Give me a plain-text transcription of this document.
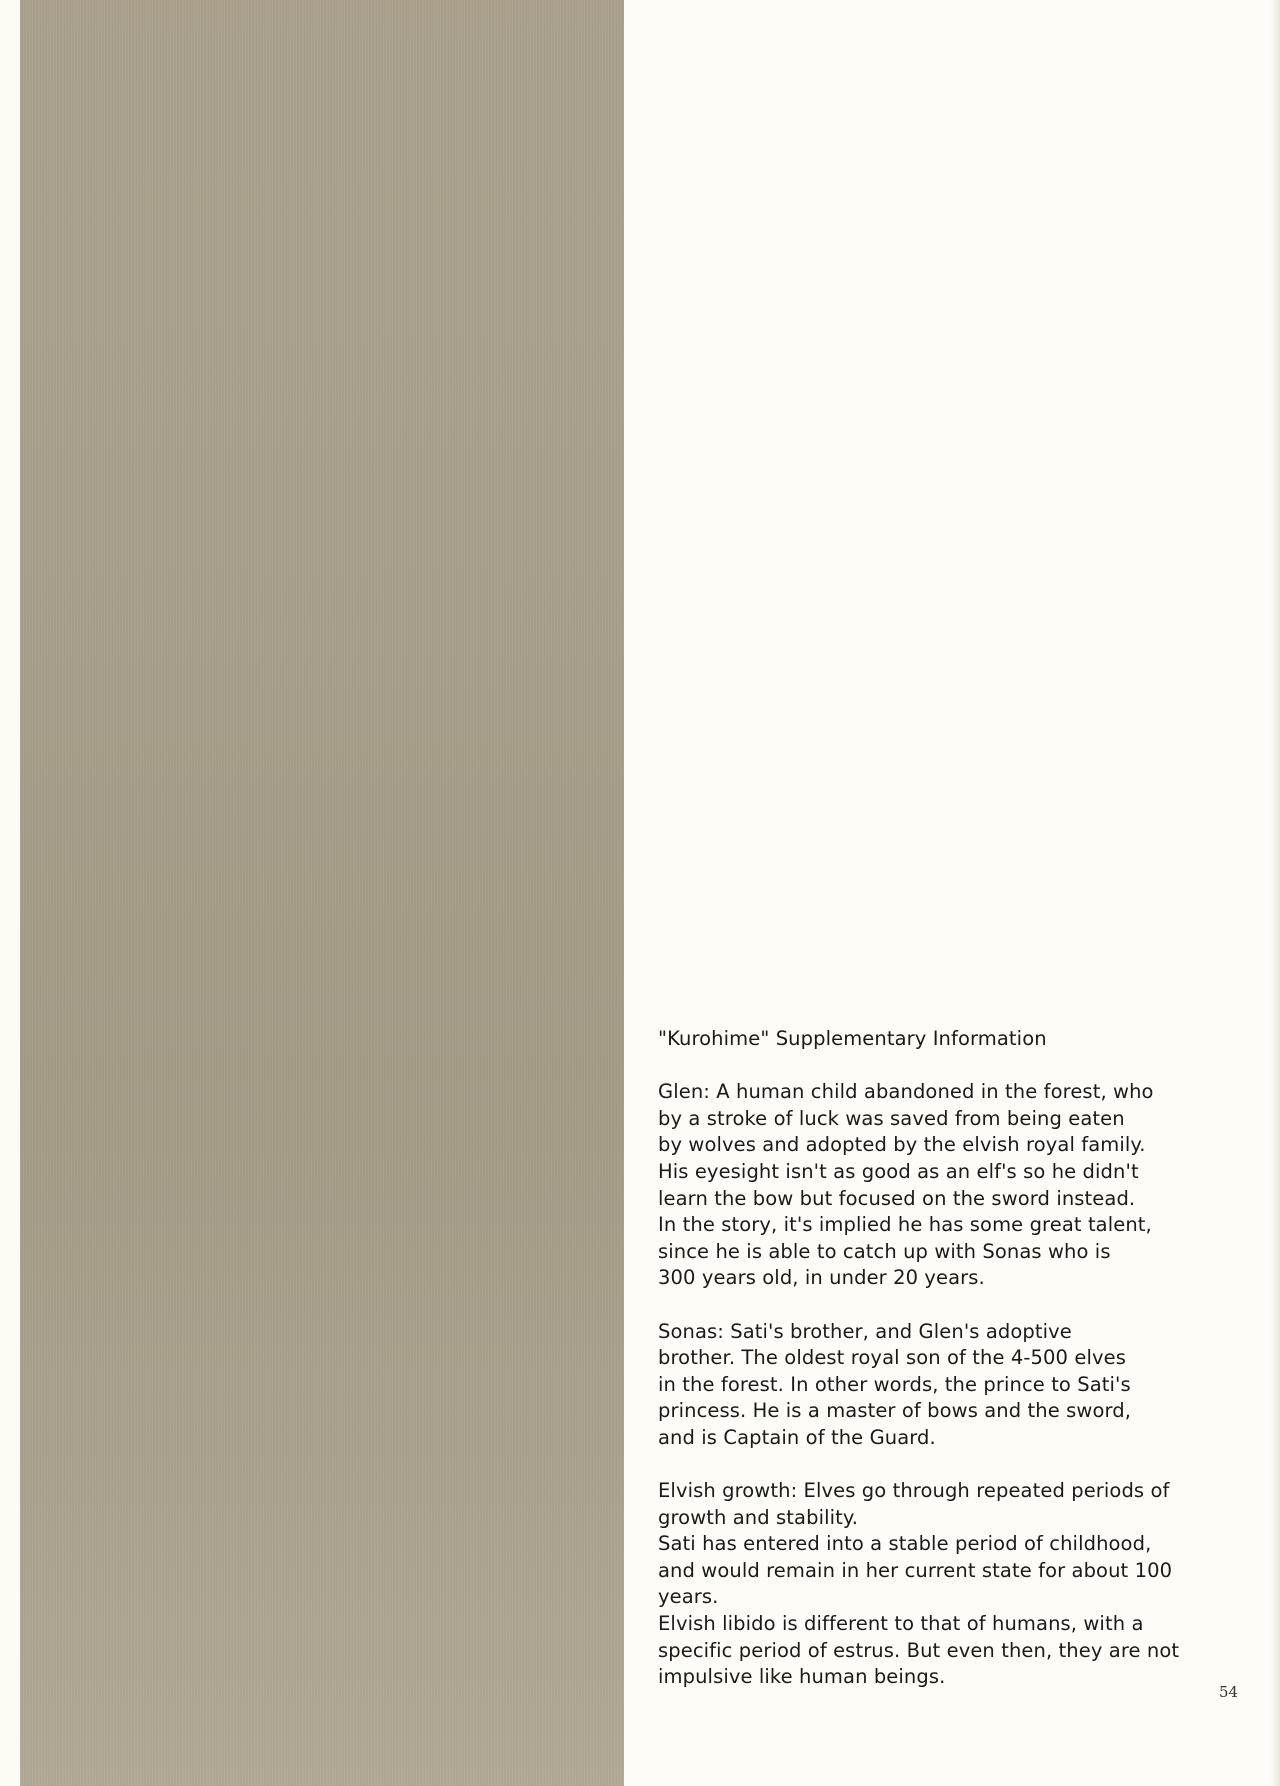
"Kurohime" Supplementary Information
Glen: A human child abandoned in the forest, who
by a stroke of luck was saved from being eaten
by wolves and adopted by the elvish royal family.
His eyesight isn't as good as an elf's so he didn't
learn the bow but focused on the sword instead.
In the story, it's implied he has some great talent,
since he is able to catch up with Sonas who is
300 years old, in under 20 years.
Sonas: Sati's brother, and Glen's adoptive
brother. The oldest royal son of the 4-500 elves
in the forest. In other words, the prince to Sati's
princess. He is a master of bows and the sword,
and is Captain of the Guard.
Elvish growth: Elves go through repeated periods of
growth and stability.
Sati has entered into a stable period of childhood,
and would remain in her current state for about 100
years.
Elvish libido is different to that of humans, with a
specific period of estrus. But even then, they are not
impulsive like human beings.
54
